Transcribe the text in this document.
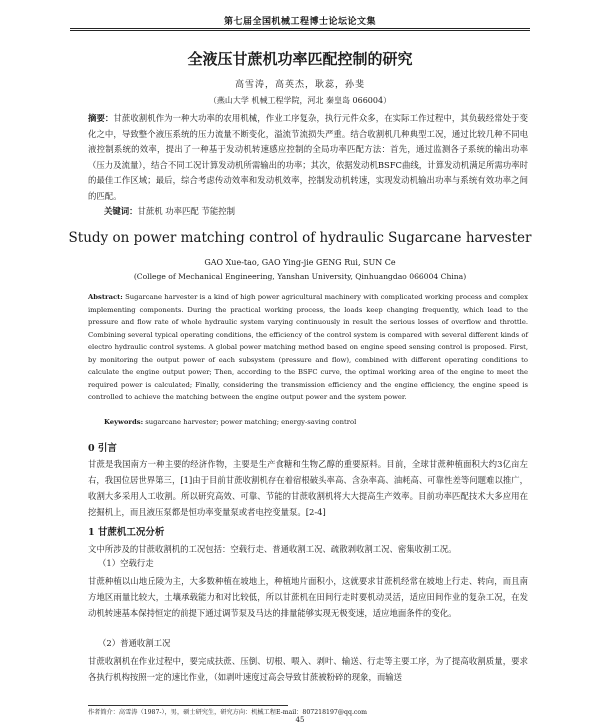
第七届全国机械工程博士论坛论文集
全液压甘蔗机功率匹配控制的研究
高雪涛，高英杰，耿蕊，孙斐
（燕山大学 机械工程学院，河北 秦皇岛 066004）
摘要：甘蔗收割机作为一种大功率的农用机械，作业工序复杂，执行元件众多，在实际工作过程中，其负载经常处于变化之中，导致整个液压系统的压力流量不断变化，溢流节流损失严重。结合收割机几种典型工况，通过比较几种不同电液控制系统的效率，提出了一种基于发动机转速感应控制的全局功率匹配方法：首先，通过监测各子系统的输出功率（压力及流量），结合不同工况计算发动机所需输出的功率；其次，依据发动机BSFC曲线，计算发动机满足所需功率时的最佳工作区域；最后，综合考虑传动效率和发动机效率，控制发动机转速，实现发动机输出功率与系统有效功率之间的匹配。
关键词：甘蔗机 功率匹配 节能控制
Study on power matching control of hydraulic Sugarcane harvester
GAO Xue-tao, GAO Ying-jie GENG Rui, SUN Ce
(College of Mechanical Engineering, Yanshan University, Qinhuangdao 066004 China)
Abstract: Sugarcane harvester is a kind of high power agricultural machinery with complicated working process and complex implementing components. During the practical working process, the loads keep changing frequently, which lead to the pressure and flow rate of whole hydraulic system varying continuously in result the serious losses of overflow and throttle. Combining several typical operating conditions, the efficiency of the control system is compared with several different kinds of electro hydraulic control systems. A global power matching method based on engine speed sensing control is proposed. First, by monitoring the output power of each subsystem (pressure and flow), combined with different operating conditions to calculate the engine output power; Then, according to the BSFC curve, the optimal working area of the engine to meet the required power is calculated; Finally, considering the transmission efficiency and the engine efficiency, the engine speed is controlled to achieve the matching between the engine output power and the system power.
Keywords: sugarcane harvester; power matching; energy-saving control
0 引言
甘蔗是我国南方一种主要的经济作物，主要是生产食糖和生物乙醇的重要原料。目前，全球甘蔗种植面积大约3亿亩左右，我国位居世界第三，[1]由于目前甘蔗收割机存在着宿根破头率高、含杂率高、油耗高、可靠性差等问题难以推广，收割大多采用人工收割。所以研究高效、可靠、节能的甘蔗收割机将大大提高生产效率。目前功率匹配技术大多应用在挖掘机上，而且液压泵都是恒功率变量泵或者电控变量泵。[2-4]
1 甘蔗机工况分析
文中所涉及的甘蔗收割机的工况包括：空载行走、普通收割工况、疏散剥收割工况、密集收割工况。
（1）空载行走
甘蔗种植以山地丘陵为主，大多数种植在坡地上，种植地片面积小，这就要求甘蔗机经常在坡地上行走、转向，而且南方地区雨量比较大，土壤承载能力和对比较低，所以甘蔗机在田间行走时要机动灵活，适应田间作业的复杂工况，在发动机转速基本保持恒定的前提下通过调节泵及马达的排量能够实现无极变速，适应地面条件的变化。
（2）普通收割工况
甘蔗收割机在作业过程中，要完成扶蔗、压倒、切根、喂入、剥叶、输送、行走等主要工序，为了提高收割质量，要求各执行机构按照一定的速比作业，（如剥叶速度过高会导致甘蔗被粉碎的现象，而输送
作者简介：高雪涛（1987-），男，硕士研究生，研究方向：机械工程E-mail：807218197@qq.com
45
